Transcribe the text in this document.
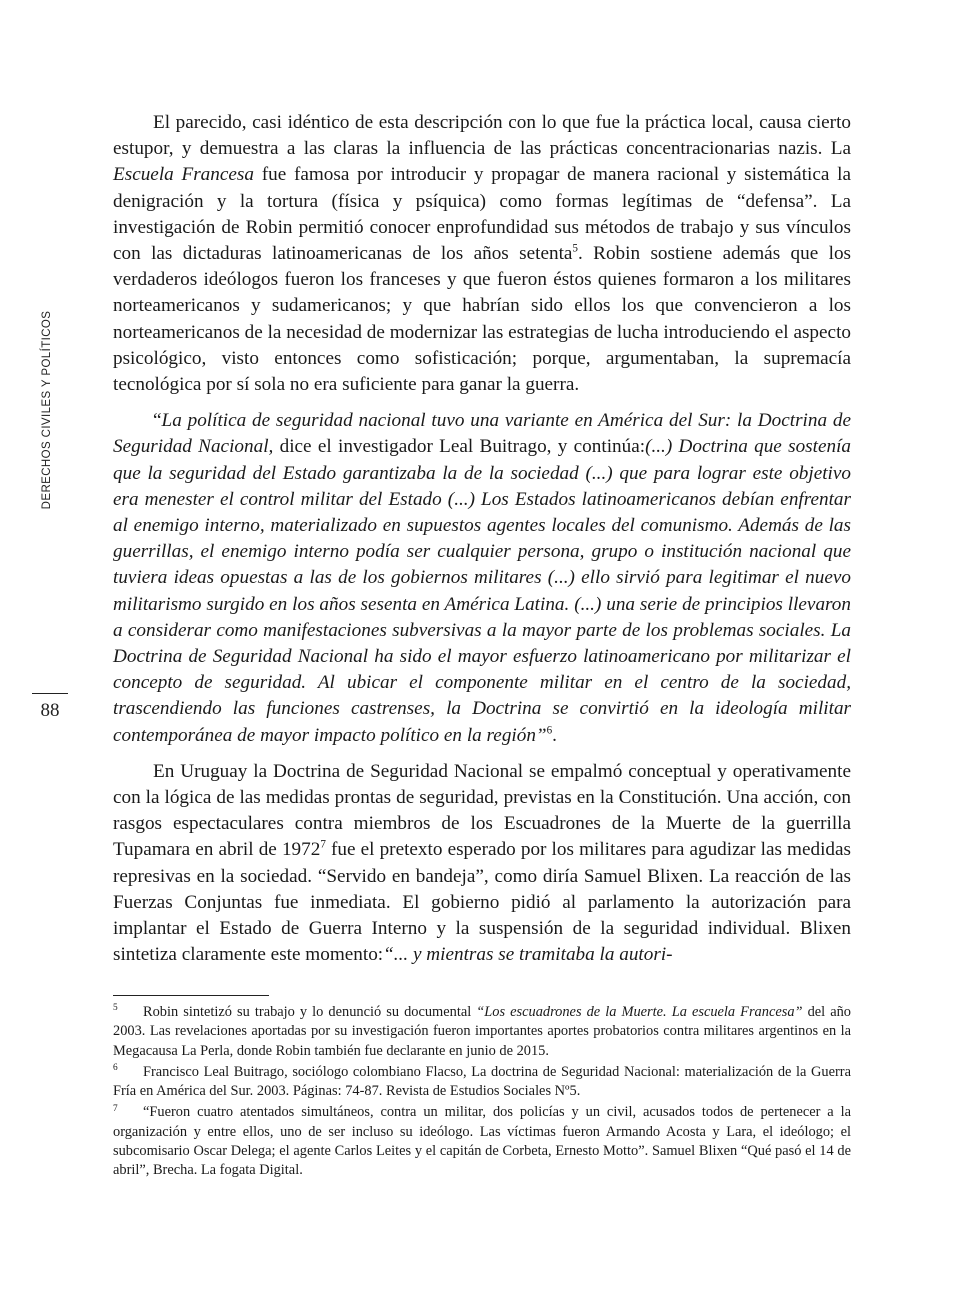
DERECHOS CIVILES Y POLÍTICOS
88

El parecido, casi idéntico de esta descripción con lo que fue la práctica local, causa cierto estupor, y demuestra a las claras la influencia de las prácticas concentracionarias nazis. La Escuela Francesa fue famosa por introducir y propagar de manera racional y sistemática la denigración y la tortura (física y psíquica) como formas legítimas de “defensa”. La investigación de Robin permitió conocer enprofundidad sus métodos de trabajo y sus vínculos con las dictaduras latinoamericanas de los años setenta$^5$. Robin sostiene además que los verdaderos ideólogos fueron los franceses y que fueron éstos quienes formaron a los militares norteamericanos y sudamericanos; y que habrían sido ellos los que convencieron a los norteamericanos de la necesidad de modernizar las estrategias de lucha introduciendo el aspecto psicológico, visto entonces como sofisticación; porque, argumentaban, la supremacía tecnológica por sí sola no era suficiente para ganar la guerra.

“La política de seguridad nacional tuvo una variante en América del Sur: la Doctrina de Seguridad Nacional, dice el investigador Leal Buitrago, y continúa:(...) Doctrina que sostenía que la seguridad del Estado garantizaba la de la sociedad (...) que para lograr este objetivo era menester el control militar del Estado (...) Los Estados latinoamericanos debían enfrentar al enemigo interno, materializado en supuestos agentes locales del comunismo. Además de las guerrillas, el enemigo interno podía ser cualquier persona, grupo o institución nacional que tuviera ideas opuestas a las de los gobiernos militares (...) ello sirvió para legitimar el nuevo militarismo surgido en los años sesenta en América Latina. (...) una serie de principios llevaron a considerar como manifestaciones subversivas a la mayor parte de los problemas sociales. La Doctrina de Seguridad Nacional ha sido el mayor esfuerzo latinoamericano por militarizar el concepto de seguridad. Al ubicar el componente militar en el centro de la sociedad, trascendiendo las funciones castrenses, la Doctrina se convirtió en la ideología militar contemporánea de mayor impacto político en la región”$^6$.

En Uruguay la Doctrina de Seguridad Nacional se empalmó conceptual y operativamente con la lógica de las medidas prontas de seguridad, previstas en la Constitución. Una acción, con rasgos espectaculares contra miembros de los Escuadrones de la Muerte de la guerrilla Tupamara en abril de 1972$^7$ fue el pretexto esperado por los militares para agudizar las medidas represivas en la sociedad. “Servido en bandeja”, como diría Samuel Blixen. La reacción de las Fuerzas Conjuntas fue inmediata. El gobierno pidió al parlamento la autorización para implantar el Estado de Guerra Interno y la suspensión de la seguridad individual. Blixen sintetiza claramente este momento:“... y mientras se tramitaba la autori-

5 Robin sintetizó su trabajo y lo denunció su documental “Los escuadrones de la Muerte. La escuela Francesa” del año 2003. Las revelaciones aportadas por su investigación fueron importantes aportes probatorios contra militares argentinos en la Megacausa La Perla, donde Robin también fue declarante en junio de 2015.
6 Francisco Leal Buitrago, sociólogo colombiano Flacso, La doctrina de Seguridad Nacional: materialización de la Guerra Fría en América del Sur. 2003. Páginas: 74-87. Revista de Estudios Sociales Nº5.
7 “Fueron cuatro atentados simultáneos, contra un militar, dos policías y un civil, acusados todos de pertenecer a la organización y entre ellos, uno de ser incluso su ideólogo. Las víctimas fueron Armando Acosta y Lara, el ideólogo; el subcomisario Oscar Delega; el agente Carlos Leites y el capitán de Corbeta, Ernesto Motto”. Samuel Blixen “Qué pasó el 14 de abril”, Brecha. La fogata Digital.
